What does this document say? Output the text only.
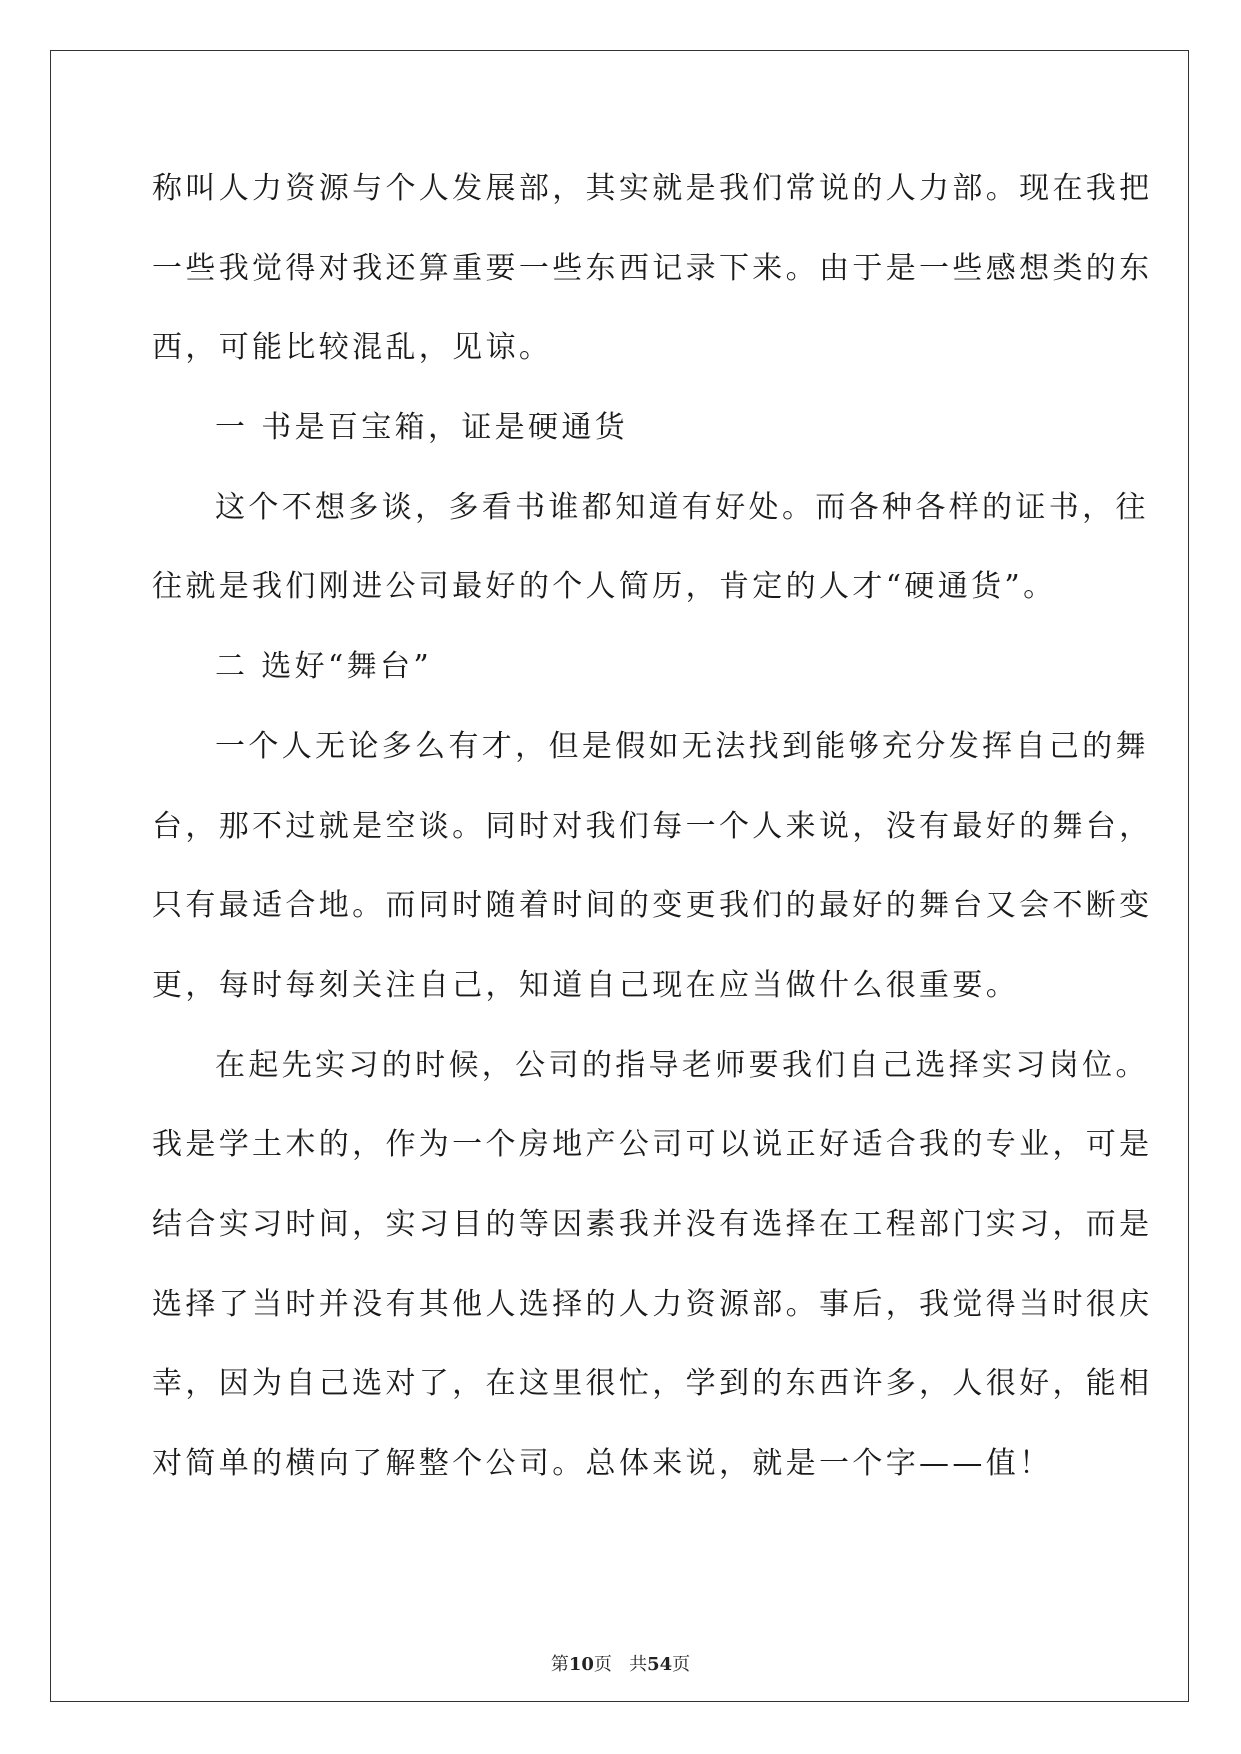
称叫人力资源与个人发展部，其实就是我们常说的人力部。现在我把
一些我觉得对我还算重要一些东西记录下来。由于是一些感想类的东
西，可能比较混乱，见谅。
一 书是百宝箱，证是硬通货
这个不想多谈，多看书谁都知道有好处。而各种各样的证书，往
往就是我们刚进公司最好的个人简历，肯定的人才“硬通货”。
二 选好“舞台”
一个人无论多么有才，但是假如无法找到能够充分发挥自己的舞
台，那不过就是空谈。同时对我们每一个人来说，没有最好的舞台，
只有最适合地。而同时随着时间的变更我们的最好的舞台又会不断变
更，每时每刻关注自己，知道自己现在应当做什么很重要。
在起先实习的时候，公司的指导老师要我们自己选择实习岗位。
我是学土木的，作为一个房地产公司可以说正好适合我的专业，可是
结合实习时间，实习目的等因素我并没有选择在工程部门实习，而是
选择了当时并没有其他人选择的人力资源部。事后，我觉得当时很庆
幸，因为自己选对了，在这里很忙，学到的东西许多，人很好，能相
对简单的横向了解整个公司。总体来说，就是一个字——值！
第10页   共54页
